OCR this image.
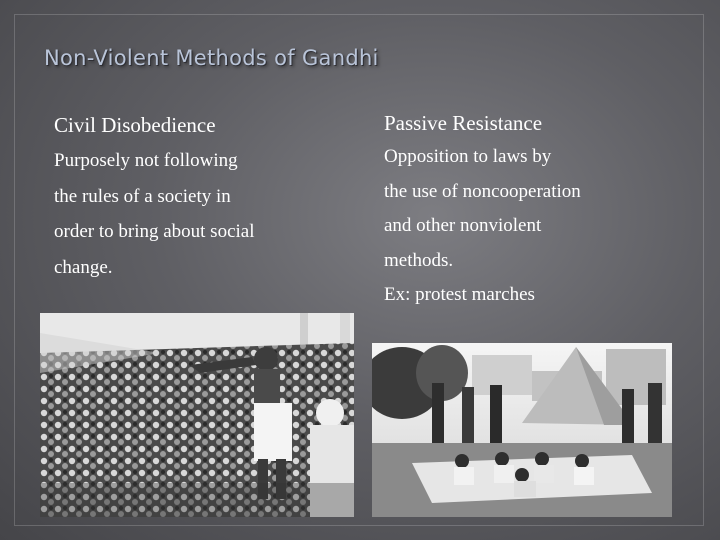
Non-Violent Methods of Gandhi
Civil Disobedience
Purposely not following
the rules of a society in
order to bring about social
change.
Passive Resistance
Opposition to laws by
the use of noncooperation
and other nonviolent
methods.
Ex: protest marches
